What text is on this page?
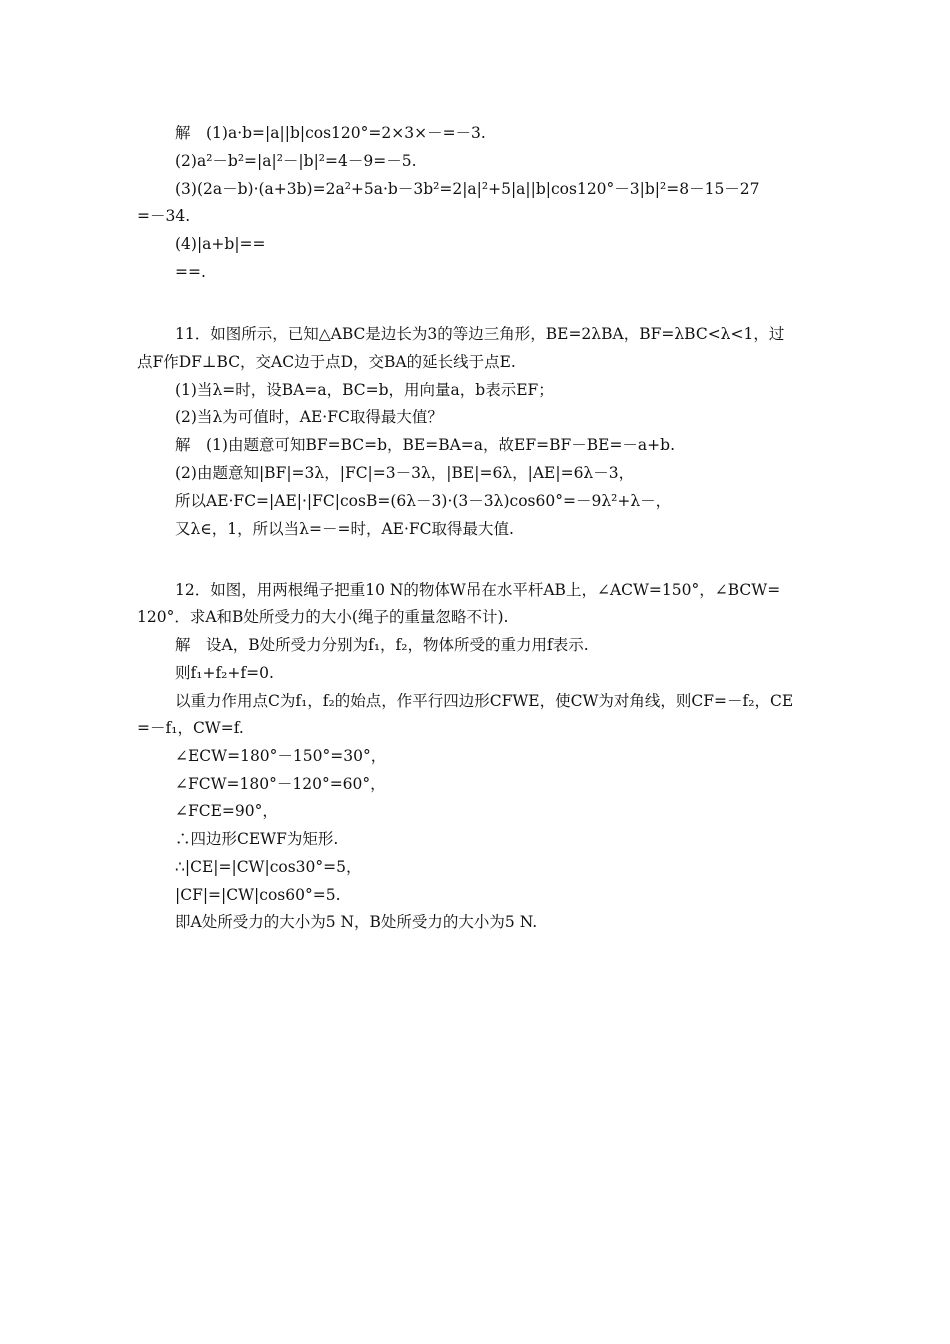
解　(1)a·b=|a||b|cos120°=2×3×－=－3.
(2)a²－b²=|a|²－|b|²=4－9=－5.
(3)(2a－b)·(a+3b)=2a²+5a·b－3b²=2|a|²+5|a||b|cos120°－3|b|²=8－15－27
=－34.
(4)|a+b|==
==.
11．如图所示，已知△ABC是边长为3的等边三角形，BE=2λBA，BF=λBC<λ<1，过
点F作DF⊥BC，交AC边于点D，交BA的延长线于点E.
(1)当λ=时，设BA=a，BC=b，用向量a，b表示EF；
(2)当λ为可值时，AE·FC取得最大值？
解　(1)由题意可知BF=BC=b，BE=BA=a，故EF=BF－BE=－a+b.
(2)由题意知|BF|=3λ，|FC|=3－3λ，|BE|=6λ，|AE|=6λ－3，
所以AE·FC=|AE|·|FC|cosB=(6λ－3)·(3－3λ)cos60°=－9λ²+λ－，
又λ∈，1，所以当λ=－=时，AE·FC取得最大值.
12．如图，用两根绳子把重10 N的物体W吊在水平杆AB上，∠ACW=150°，∠BCW=
120°．求A和B处所受力的大小(绳子的重量忽略不计).
解　设A，B处所受力分别为f₁，f₂，物体所受的重力用f表示.
则f₁+f₂+f=0.
以重力作用点C为f₁，f₂的始点，作平行四边形CFWE，使CW为对角线，则CF=－f₂，CE
=－f₁，CW=f.
∠ECW=180°－150°=30°，
∠FCW=180°－120°=60°，
∠FCE=90°，
∴四边形CEWF为矩形.
∴|CE|=|CW|cos30°=5，
|CF|=|CW|cos60°=5.
即A处所受力的大小为5 N，B处所受力的大小为5 N.
